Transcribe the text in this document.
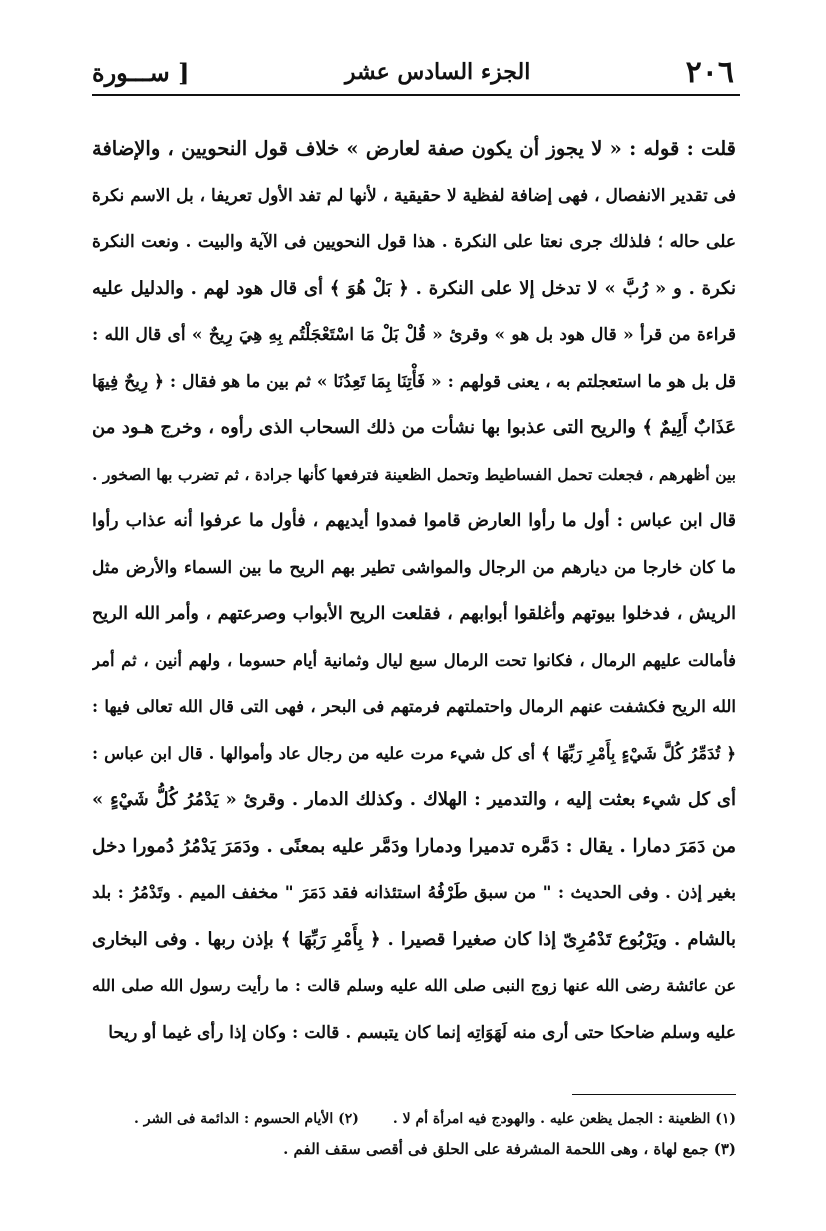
٢٠٦
الجزء السادس عشر
[ ســـورة
قلت : قوله : « لا يجوز أن يكون صفة لعارض » خلاف قول النحويين ، والإضافة
فى تقدير الانفصال ، فهى إضافة لفظية لا حقيقية ، لأنها لم تفد الأول تعريفا ، بل الاسم نكرة
على حاله ؛ فلذلك جرى نعتا على النكرة . هذا قول النحويين فى الآية والبيت . ونعت النكرة
نكرة . و « رُبَّ » لا تدخل إلا على النكرة . ﴿ بَلْ هُوَ ﴾ أى قال هود لهم . والدليل عليه
قراءة من قرأ « قال هود بل هو » وقرئ « قُلْ بَلْ مَا اسْتَعْجَلْتُم بِهِ هِيَ رِيحٌ » أى قال الله :
قل بل هو ما استعجلتم به ، يعنى قولهم : « فَأْتِنَا بِمَا تَعِدُنَا » ثم بين ما هو فقال : ﴿ رِيحٌ فِيهَا
عَذَابٌ أَلِيمٌ ﴾ والريح التى عذبوا بها نشأت من ذلك السحاب الذى رأوه ، وخرج هـود من
بين أظهرهم ، فجعلت تحمل الفساطيط وتحمل الظعينة فترفعها كأنها جرادة ، ثم تضرب بها الصخور .
قال ابن عباس : أول ما رأوا العارض قاموا فمدوا أيديهم ، فأول ما عرفوا أنه عذاب رأوا
ما كان خارجا من ديارهم من الرجال والمواشى تطير بهم الريح ما بين السماء والأرض مثل
الريش ، فدخلوا بيوتهم وأغلقوا أبوابهم ، فقلعت الريح الأبواب وصرعتهم ، وأمر الله الريح
فأمالت عليهم الرمال ، فكانوا تحت الرمال سبع ليال وثمانية أيام حسوما ، ولهم أنين ، ثم أمر
الله الريح فكشفت عنهم الرمال واحتملتهم فرمتهم فى البحر ، فهى التى قال الله تعالى فيها :
﴿ تُدَمِّرُ كُلَّ شَيْءٍ بِأَمْرِ رَبِّهَا ﴾ أى كل شيء مرت عليه من رجال عاد وأموالها . قال ابن عباس :
أى كل شيء بعثت إليه ، والتدمير : الهلاك . وكذلك الدمار . وقرئ « يَدْمُرُ كُلُّ شَيْءٍ »
من دَمَرَ دمارا . يقال : دَمَّره تدميرا ودمارا ودَمَّر عليه بمعنًى . ودَمَرَ يَدْمُرُ دُمورا دخل
بغير إذن . وفى الحديث : " من سبق طَرْفُهُ استئذانه فقد دَمَرَ " مخفف الميم . وتَدْمُرُ : بلد
بالشام . ويَرْبُوع تَدْمُرِىّ إذا كان صغيرا قصيرا . ﴿ بِأَمْرِ رَبِّهَا ﴾ بإذن ربها . وفى البخارى
عن عائشة رضى الله عنها زوج النبى صلى الله عليه وسلم قالت : ما رأيت رسول الله صلى الله
عليه وسلم ضاحكا حتى أرى منه لَهَوَاتِه إنما كان يتبسم . قالت : وكان إذا رأى غيما أو ريحا
(١) الظعينة : الجمل يظعن عليه . والهودج فيه امرأة أم لا .(٢) الأيام الحسوم : الدائمة فى الشر .
(٣) جمع لهاة ، وهى اللحمة المشرفة على الحلق فى أقصى سقف الفم .
